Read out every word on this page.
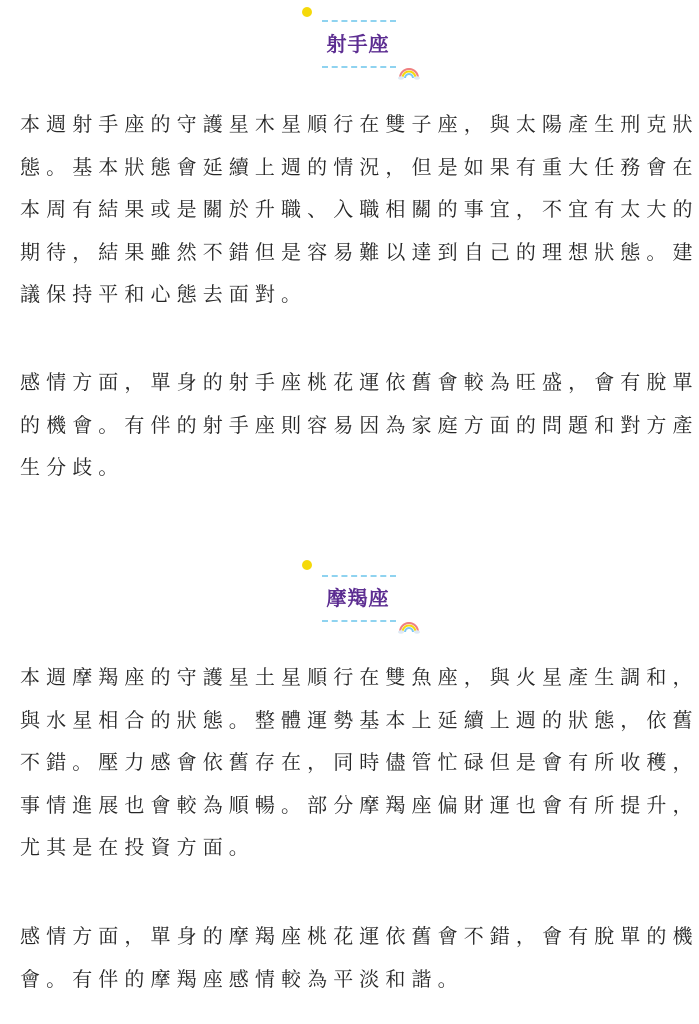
射手座

本週射手座的守護星木星順行在雙子座，與太陽產生刑克狀態。基本狀態會延續上週的情況，但是如果有重大任務會在本周有結果或是關於升職、入職相關的事宜，不宜有太大的期待，結果雖然不錯但是容易難以達到自己的理想狀態。建議保持平和心態去面對。

感情方面，單身的射手座桃花運依舊會較為旺盛，會有脫單的機會。有伴的射手座則容易因為家庭方面的問題和對方產生分歧。

摩羯座

本週摩羯座的守護星土星順行在雙魚座，與火星產生調和，與水星相合的狀態。整體運勢基本上延續上週的狀態，依舊不錯。壓力感會依舊存在，同時儘管忙碌但是會有所收穫，事情進展也會較為順暢。部分摩羯座偏財運也會有所提升，尤其是在投資方面。

感情方面，單身的摩羯座桃花運依舊會不錯，會有脫單的機會。有伴的摩羯座感情較為平淡和諧。
